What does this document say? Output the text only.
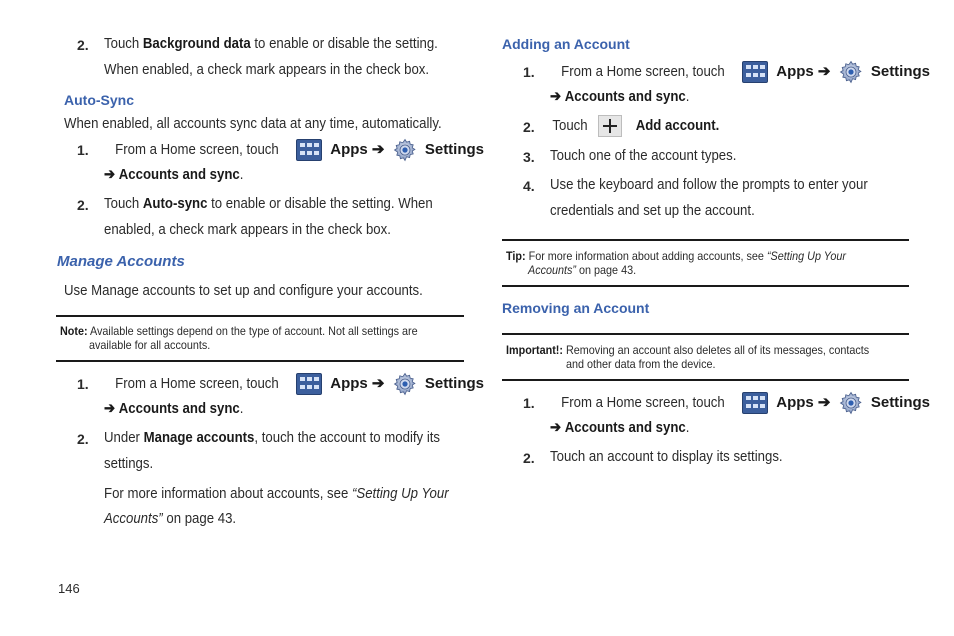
2. Touch Background data to enable or disable the setting.
When enabled, a check mark appears in the check box.
Auto-Sync
When enabled, all accounts sync data at any time, automatically.
1.	From a Home screen, touch	Apps ➔	Settings
➔ Accounts and sync.
2. Touch Auto-sync to enable or disable the setting. When
enabled, a check mark appears in the check box.
Manage Accounts
Use Manage accounts to set up and configure your accounts.
Note: Available settings depend on the type of account. Not all settings are
available for all accounts.
1.	From a Home screen, touch	Apps ➔	Settings
➔ Accounts and sync.
2. Under Manage accounts, touch the account to modify its
settings.
For more information about accounts, see “Setting Up Your
Accounts” on page 43.
146
Adding an Account
1.	From a Home screen, touch	Apps ➔	Settings
➔ Accounts and sync.
2. Touch	Add account.
3. Touch one of the account types.
4. Use the keyboard and follow the prompts to enter your
credentials and set up the account.
Tip: For more information about adding accounts, see “Setting Up Your
Accounts” on page 43.
Removing an Account
Important!: Removing an account also deletes all of its messages, contacts
and other data from the device.
1.	From a Home screen, touch	Apps ➔	Settings
➔ Accounts and sync.
2. Touch an account to display its settings.
